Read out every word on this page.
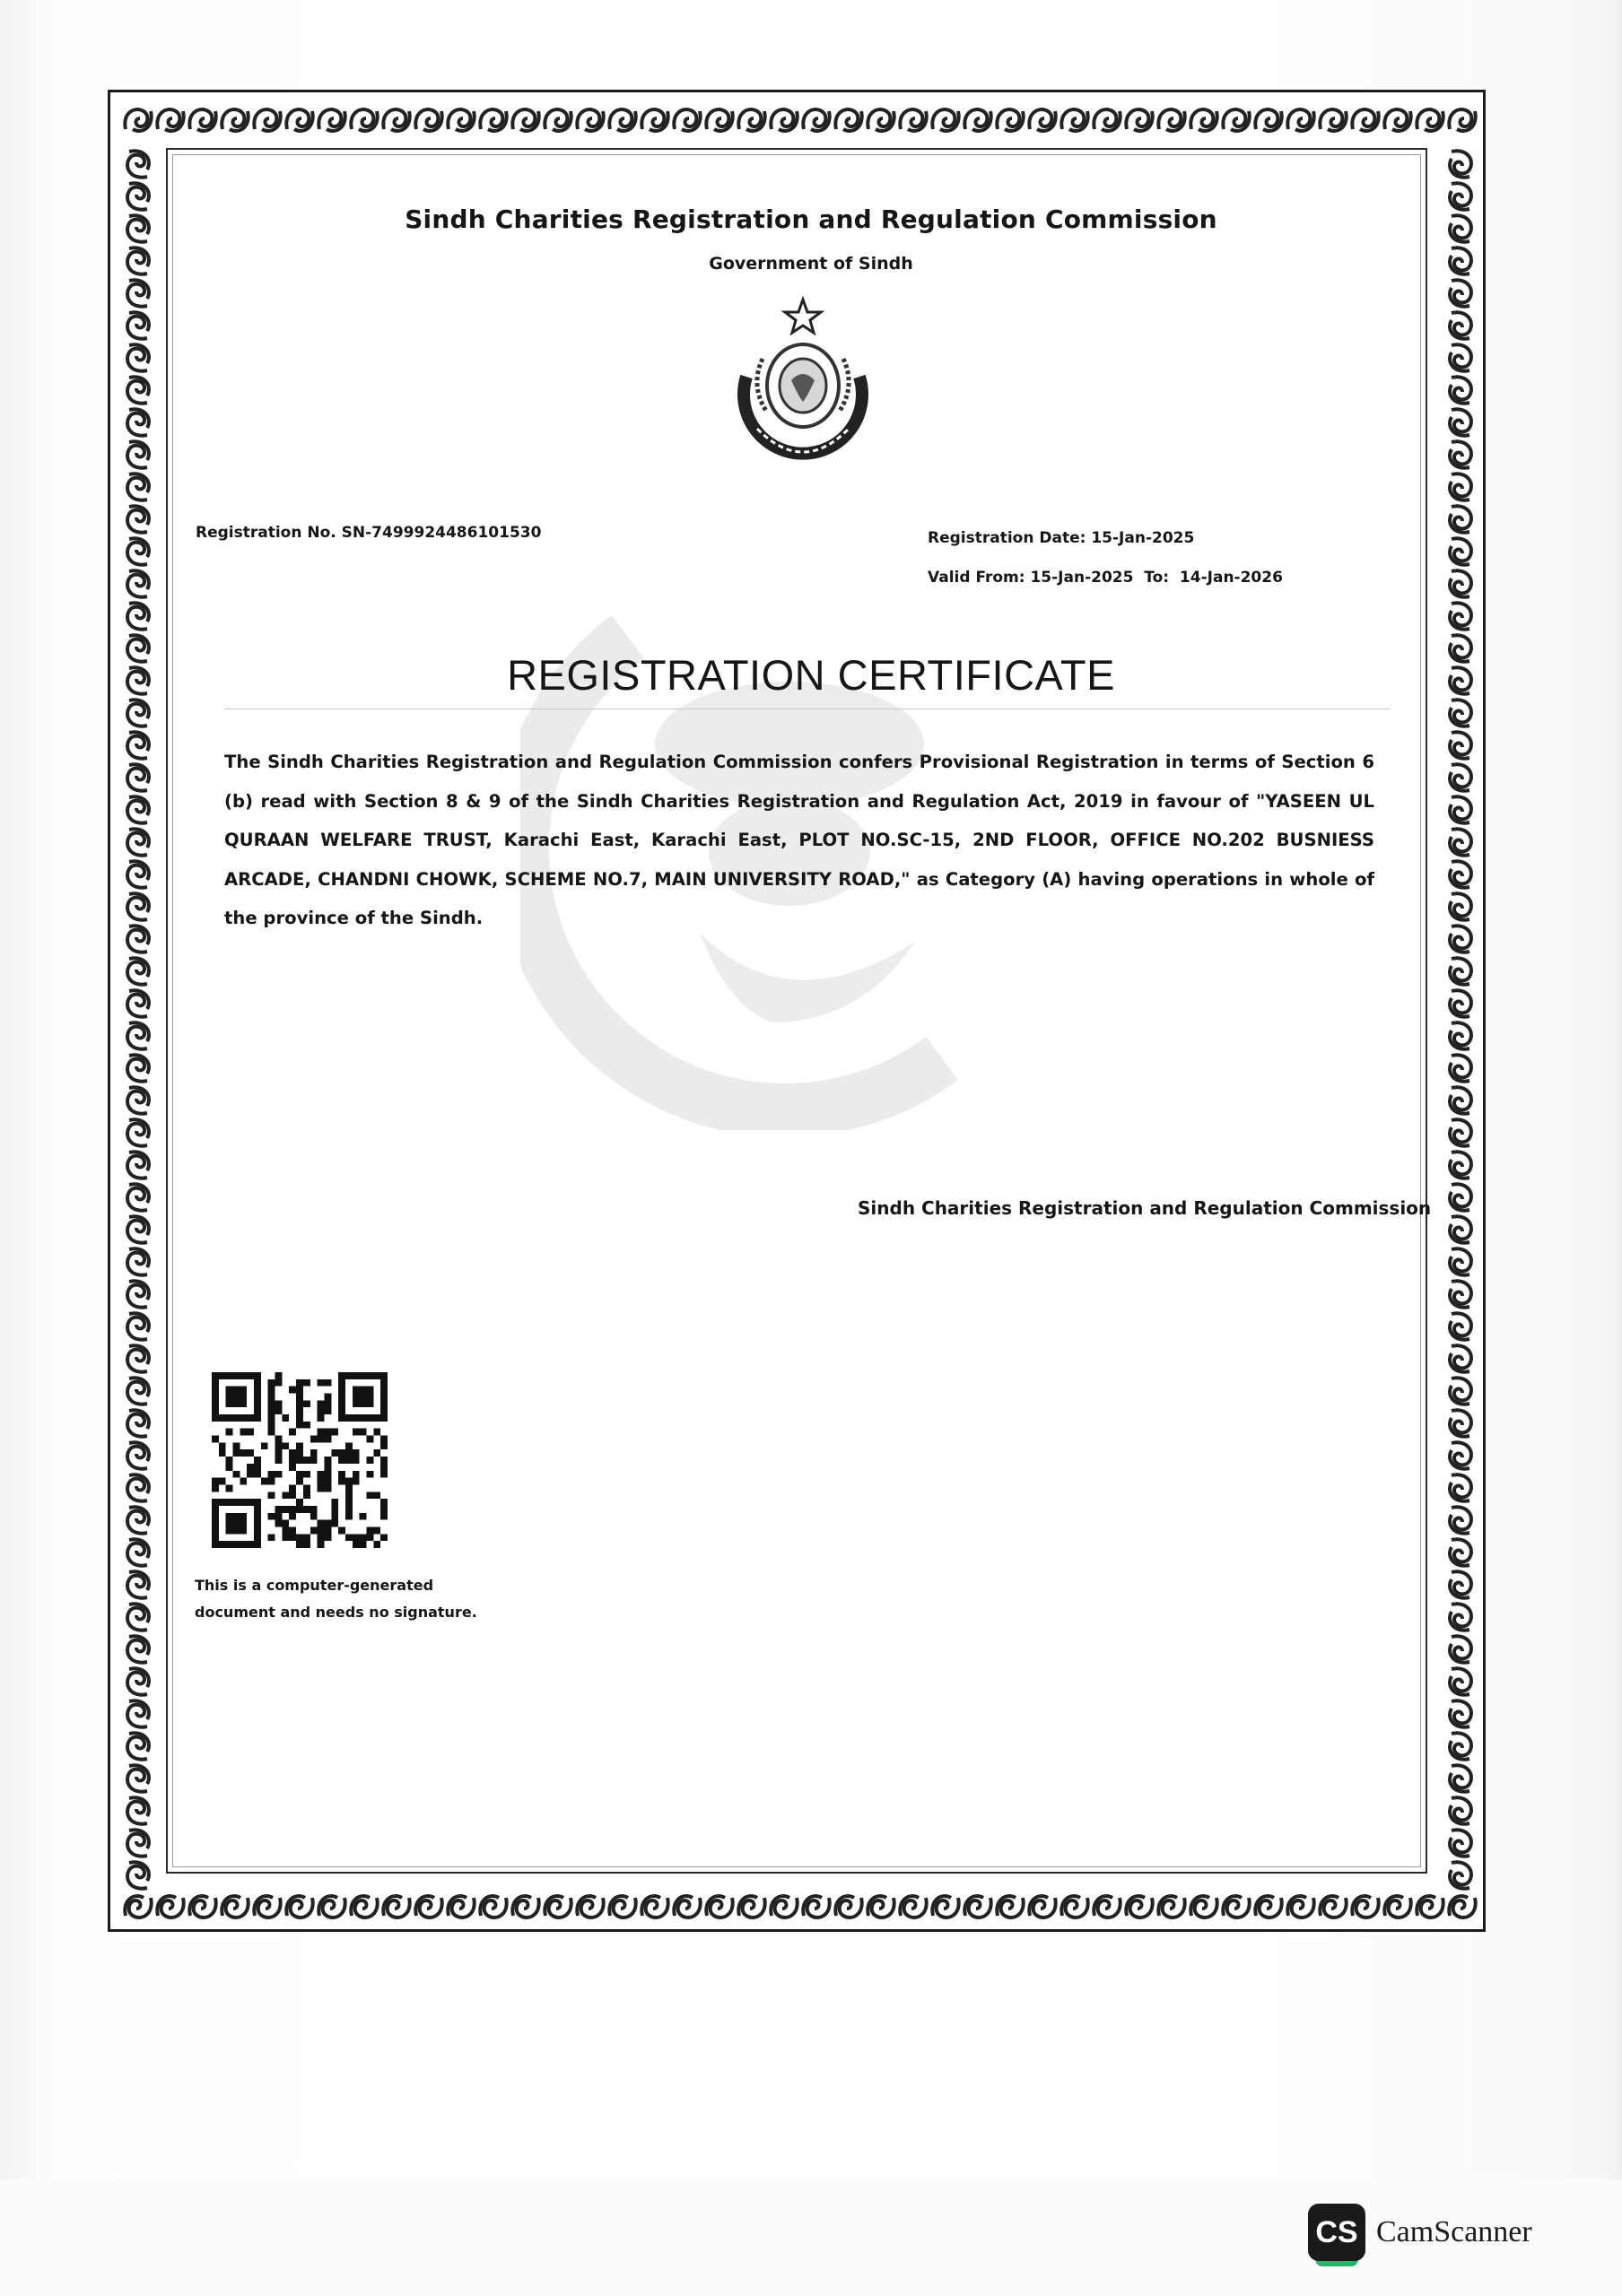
Sindh Charities Registration and Regulation Commission
Government of Sindh
Registration No. SN-7499924486101530	Registration Date: 15-Jan-2025
Valid From: 15-Jan-2025  To:  14-Jan-2026
REGISTRATION CERTIFICATE
The Sindh Charities Registration and Regulation Commission confers Provisional Registration in terms of Section 6 (b) read with Section 8 & 9 of the Sindh Charities Registration and Regulation Act, 2019 in favour of "YASEEN UL QURAAN WELFARE TRUST, Karachi East, Karachi East, PLOT NO.SC-15, 2ND FLOOR, OFFICE NO.202 BUSNIESS ARCADE, CHANDNI CHOWK, SCHEME NO.7, MAIN UNIVERSITY ROAD," as Category (A) having operations in whole of the province of the Sindh.
Sindh Charities Registration and Regulation Commission
This is a computer-generated
document and needs no signature.
CS CamScanner
